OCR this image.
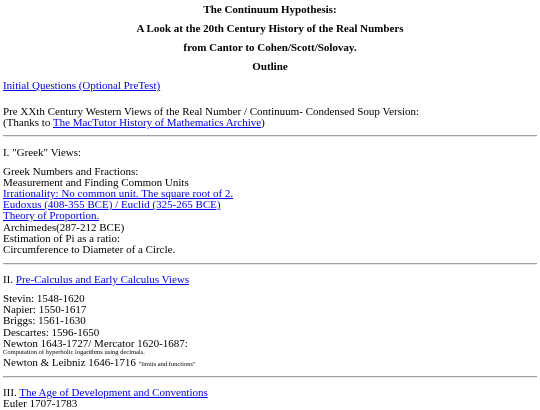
The Continuum Hypothesis:
A Look at the 20th Century History of the Real Numbers
from Cantor to Cohen/Scott/Solovay.
Outline
Initial Questions (Optional PreTest)
Pre XXth Century Western Views of the Real Number / Continuum- Condensed Soup Version:
(Thanks to The MacTutor History of Mathematics Archive)
I. "Greek" Views:
Greek Numbers and Fractions:
Measurement and Finding Common Units
Irrationality: No common unit. The square root of 2.
Eudoxus (408-355 BCE) / Euclid (325-265 BCE)
Theory of Proportion.
Archimedes(287-212 BCE)
Estimation of Pi as a ratio:
Circumference to Diameter of a Circle.
II. Pre-Calculus and Early Calculus Views
Stevin: 1548-1620
Napier: 1550-1617
Briggs: 1561-1630
Descartes: 1596-1650
Newton 1643-1727/ Mercator 1620-1687:
Computation of hyperbolic logarithms using decimals.
Newton & Leibniz 1646-1716 "limits and functions"
III. The Age of Development and Conventions
Euler 1707-1783
